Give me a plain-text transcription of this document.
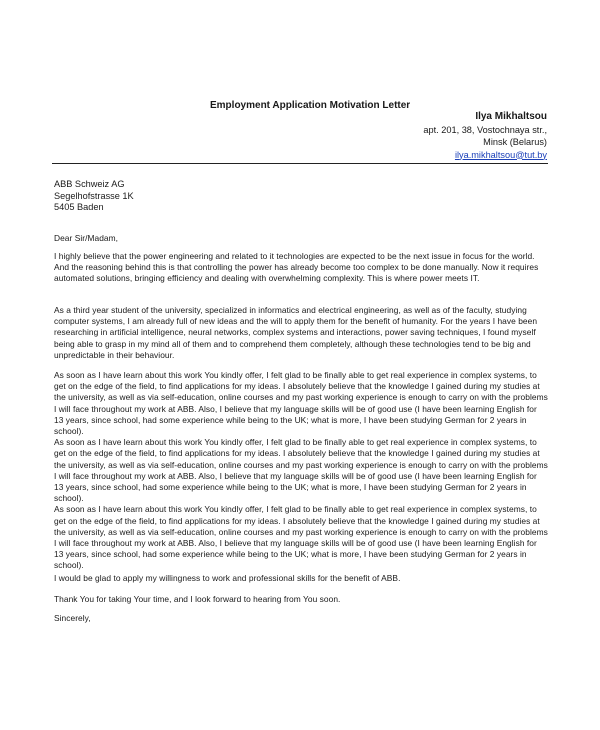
Employment Application Motivation Letter
Ilya Mikhaltsou
apt. 201, 38, Vostochnaya str.,
Minsk (Belarus)
ilya.mikhaltsou@tut.by
ABB Schweiz AG
Segelhofstrasse 1K
5405 Baden

Dear Sir/Madam,

I highly believe that the power engineering and related to it technologies are expected to be the next issue in focus for the world. And the reasoning behind this is that controlling the power has already become too complex to be done manually. Now it requires automated solutions, bringing efficiency and dealing with overwhelming complexity. This is where power meets IT.

As a third year student of the university, specialized in informatics and electrical engineering, as well as of the faculty, studying computer systems, I am already full of new ideas and the will to apply them for the benefit of humanity. For the years I have been researching in artificial intelligence, neural networks, complex systems and interactions, power saving techniques, I found myself being able to grasp in my mind all of them and to comprehend them completely, although these technologies tend to be big and unpredictable in their behaviour.

As soon as I have learn about this work You kindly offer, I felt glad to be finally able to get real experience in complex systems, to get on the edge of the field, to find applications for my ideas. I absolutely believe that the knowledge I gained during my studies at the university, as well as via self-education, online courses and my past working experience is enough to carry on with the problems I will face throughout my work at ABB. Also, I believe that my language skills will be of good use (I have been learning English for 13 years, since school, had some experience while being to the UK; what is more, I have been studying German for 2 years in school).

As soon as I have learn about this work You kindly offer, I felt glad to be finally able to get real experience in complex systems, to get on the edge of the field, to find applications for my ideas. I absolutely believe that the knowledge I gained during my studies at the university, as well as via self-education, online courses and my past working experience is enough to carry on with the problems I will face throughout my work at ABB. Also, I believe that my language skills will be of good use (I have been learning English for 13 years, since school, had some experience while being to the UK; what is more, I have been studying German for 2 years in school).

As soon as I have learn about this work You kindly offer, I felt glad to be finally able to get real experience in complex systems, to get on the edge of the field, to find applications for my ideas. I absolutely believe that the knowledge I gained during my studies at the university, as well as via self-education, online courses and my past working experience is enough to carry on with the problems I will face throughout my work at ABB. Also, I believe that my language skills will be of good use (I have been learning English for 13 years, since school, had some experience while being to the UK; what is more, I have been studying German for 2 years in school).

I would be glad to apply my willingness to work and professional skills for the benefit of ABB.

Thank You for taking Your time, and I look forward to hearing from You soon.

Sincerely,
